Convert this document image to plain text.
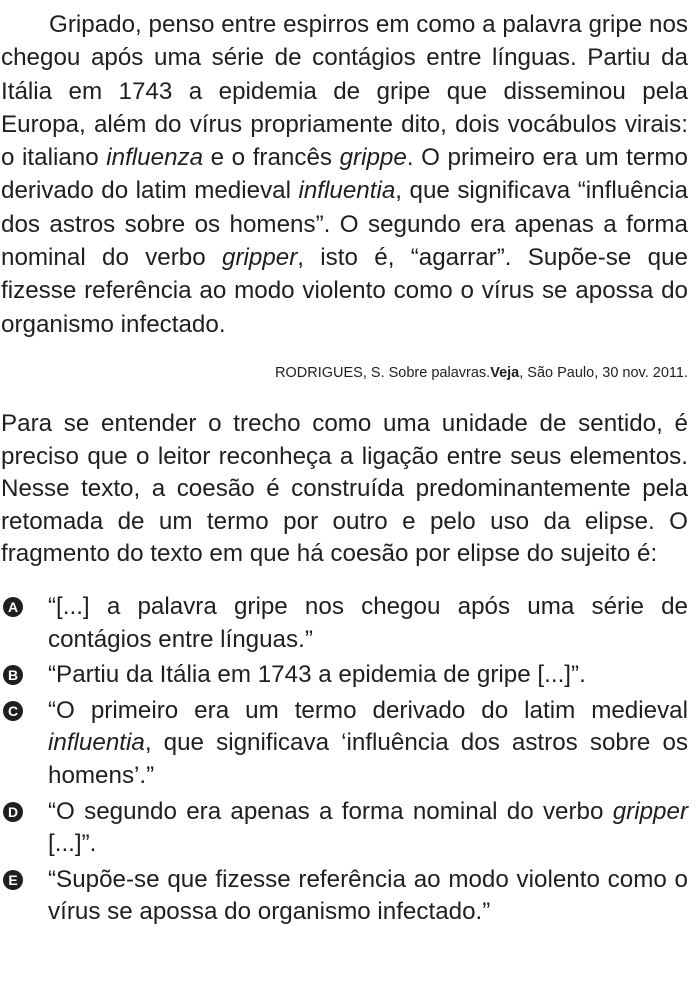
Gripado, penso entre espirros em como a palavra gripe nos chegou após uma série de contágios entre línguas. Partiu da Itália em 1743 a epidemia de gripe que disseminou pela Europa, além do vírus propriamente dito, dois vocábulos virais: o italiano influenza e o francês grippe. O primeiro era um termo derivado do latim medieval influentia, que significava “influência dos astros sobre os homens”. O segundo era apenas a forma nominal do verbo gripper, isto é, “agarrar”. Supõe-se que fizesse referência ao modo violento como o vírus se apossa do organismo infectado.

RODRIGUES, S. Sobre palavras.Veja, São Paulo, 30 nov. 2011.

Para se entender o trecho como uma unidade de sentido, é preciso que o leitor reconheça a ligação entre seus elementos. Nesse texto, a coesão é construída predominantemente pela retomada de um termo por outro e pelo uso da elipse. O fragmento do texto em que há coesão por elipse do sujeito é:

A “[...] a palavra gripe nos chegou após uma série de contágios entre línguas.”
B “Partiu da Itália em 1743 a epidemia de gripe [...]”.
C “O primeiro era um termo derivado do latim medieval influentia, que significava ‘influência dos astros sobre os homens’.”
D “O segundo era apenas a forma nominal do verbo gripper [...]”.
E “Supõe-se que fizesse referência ao modo violento como o vírus se apossa do organismo infectado.”
